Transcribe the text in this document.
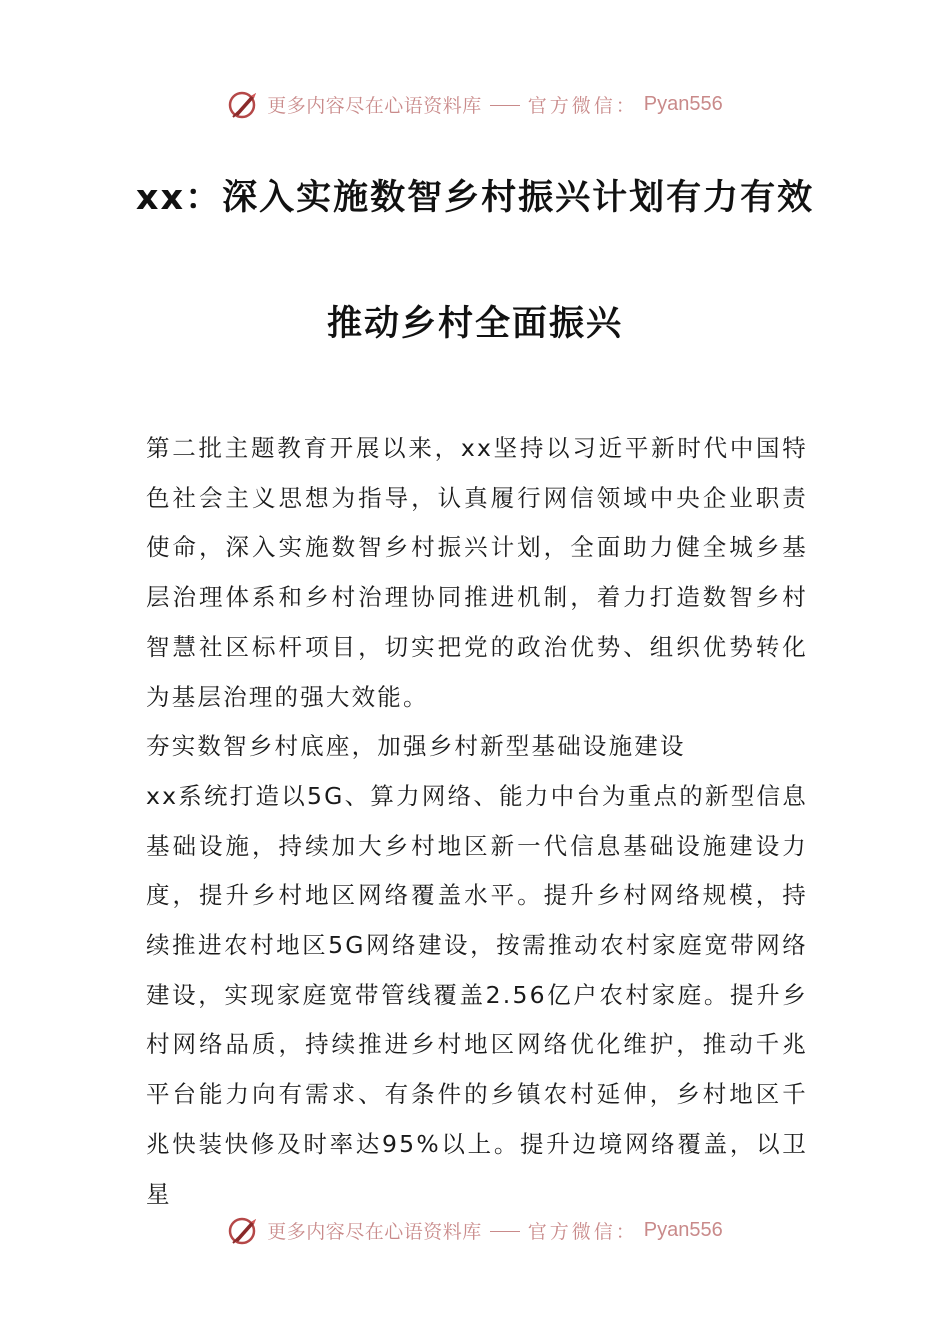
更多内容尽在心语资料库 官方微信： Pyan556
xx：深入实施数智乡村振兴计划有力有效
推动乡村全面振兴

第二批主题教育开展以来，xx坚持以习近平新时代中国特色社会主义思想为指导，认真履行网信领域中央企业职责使命，深入实施数智乡村振兴计划，全面助力健全城乡基层治理体系和乡村治理协同推进机制，着力打造数智乡村智慧社区标杆项目，切实把党的政治优势、组织优势转化为基层治理的强大效能。

夯实数智乡村底座，加强乡村新型基础设施建设

xx系统打造以5G、算力网络、能力中台为重点的新型信息基础设施，持续加大乡村地区新一代信息基础设施建设力度，提升乡村地区网络覆盖水平。提升乡村网络规模，持续推进农村地区5G网络建设，按需推动农村家庭宽带网络建设，实现家庭宽带管线覆盖2.56亿户农村家庭。提升乡村网络品质，持续推进乡村地区网络优化维护，推动千兆平台能力向有需求、有条件的乡镇农村延伸，乡村地区千兆快装快修及时率达95%以上。提升边境网络覆盖，以卫星

更多内容尽在心语资料库 官方微信： Pyan556
